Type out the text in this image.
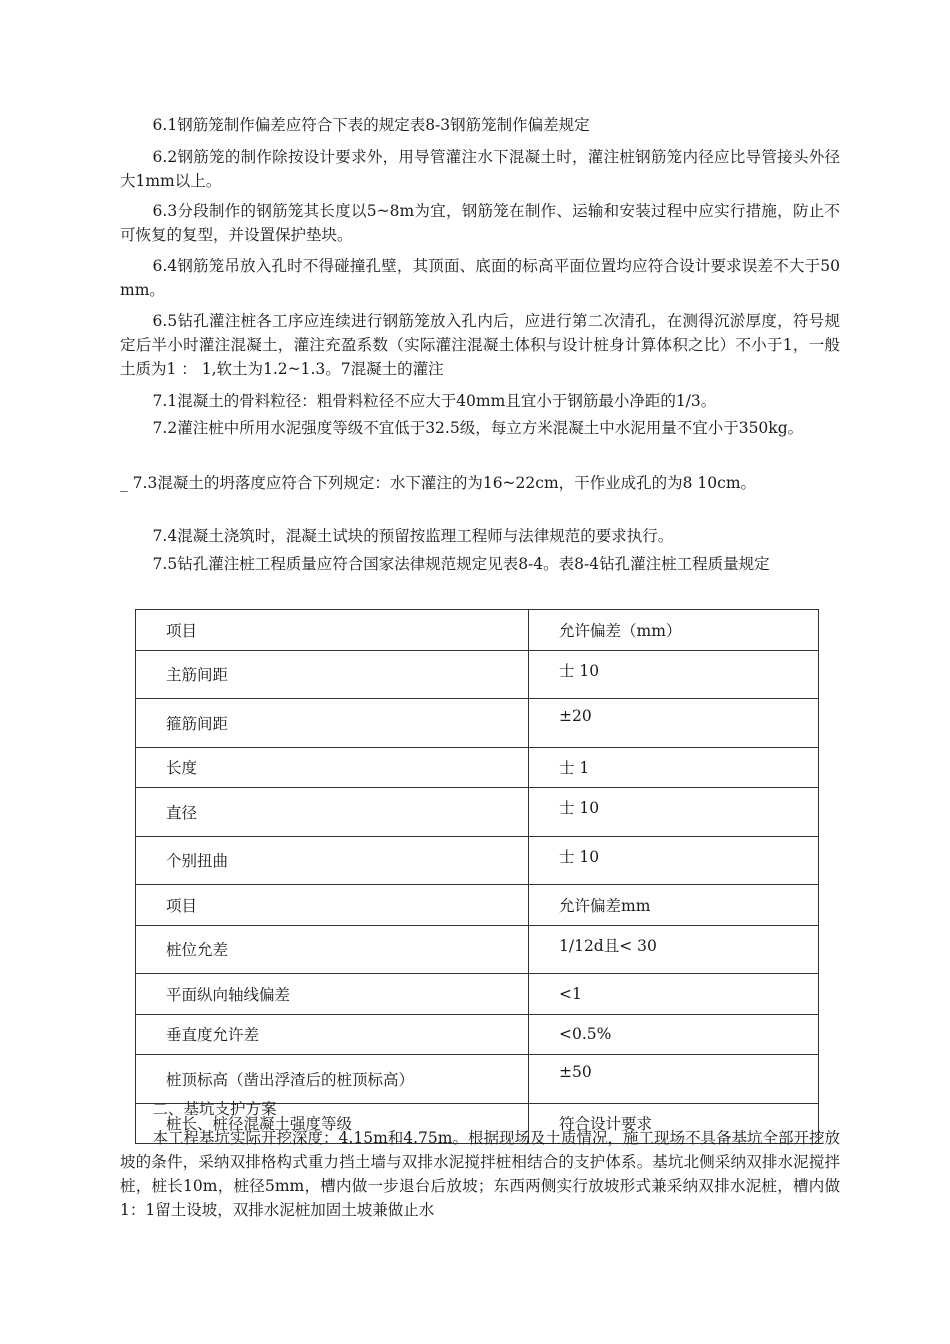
6.1钢筋笼制作偏差应符合下表的规定表8-3钢筋笼制作偏差规定

6.2钢筋笼的制作除按设计要求外，用导管灌注水下混凝土时，灌注桩钢筋笼内径应比导管接头外径大1mm以上。

6.3分段制作的钢筋笼其长度以5~8m为宜，钢筋笼在制作、运输和安装过程中应实行措施，防止不可恢复的复型，并设置保护垫块。

6.4钢筋笼吊放入孔时不得碰撞孔壁，其顶面、底面的标高平面位置均应符合设计要求误差不大于50mm。

6.5钻孔灌注桩各工序应连续进行钢筋笼放入孔内后，应进行第二次清孔，在测得沉淤厚度，符号规定后半小时灌注混凝土，灌注充盈系数（实际灌注混凝土体积与设计桩身计算体积之比）不小于1，一般土质为1 ： 1,软土为1.2~1.3。7混凝土的灌注

7.1混凝土的骨料粒径：粗骨料粒径不应大于40mm且宜小于钢筋最小净距的1/3。

7.2灌注桩中所用水泥强度等级不宜低于32.5级，每立方米混凝土中水泥用量不宜小于350kg。

_ 7.3混凝土的坍落度应符合下列规定：水下灌注的为16~22cm，干作业成孔的为8 10cm。

7.4混凝土浇筑时，混凝土试块的预留按监理工程师与法律规范的要求执行。

7.5钻孔灌注桩工程质量应符合国家法律规范规定见表8-4。表8-4钻孔灌注桩工程质量规定

项目	允许偏差（mm）
主筋间距	士 10
箍筋间距	±20
长度	士 1
直径	士 10
个别扭曲	士 10
项目	允许偏差mm
桩位允差	1/12d且< 30
平面纵向轴线偏差	<1
垂直度允许差	<0.5%
桩顶标高（凿出浮渣后的桩顶标高）	±50
桩长、桩径混凝土强度等级	符合设计要求

二、基坑支护方案

本工程基坑实际开挖深度：4.15m和4.75m。根据现场及土质情况，施工现场不具备基坑全部开挖放坡的条件，采纳双排格构式重力挡土墙与双排水泥搅拌桩相结合的支护体系。基坑北侧采纳双排水泥搅拌桩，桩长10m，桩径5mm，槽内做一步退台后放坡；东西两侧实行放坡形式兼采纳双排水泥桩，槽内做1：1留土设坡，双排水泥桩加固土坡兼做止水
